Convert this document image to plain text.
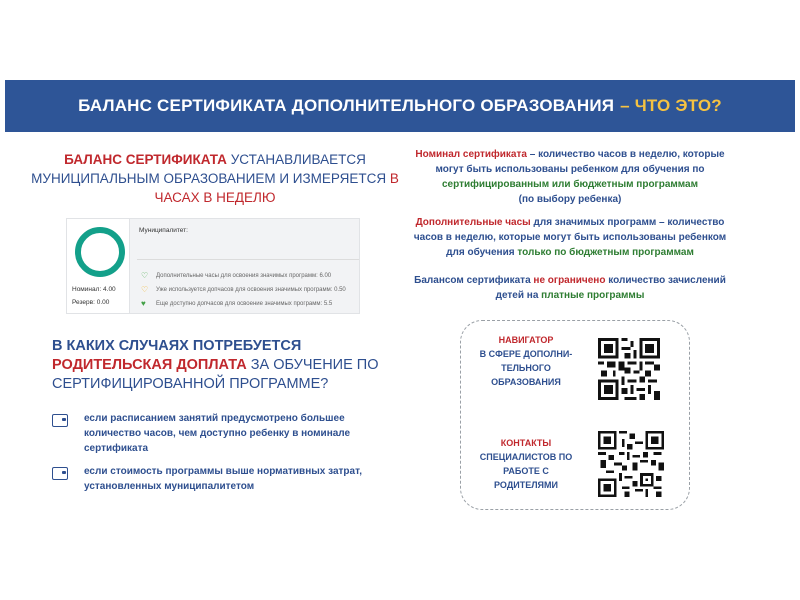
БАЛАНС СЕРТИФИКАТА ДОПОЛНИТЕЛЬНОГО ОБРАЗОВАНИЯ – ЧТО ЭТО?
БАЛАНС СЕРТИФИКАТА УСТАНАВЛИВАЕТСЯ МУНИЦИПАЛЬНЫМ ОБРАЗОВАНИЕМ И ИЗМЕРЯЕТСЯ В ЧАСАХ В НЕДЕЛЮ
Номинал: 4.00
Резерв: 0.00
Муниципалитет:
♡ Дополнительные часы для освоения значимых программ: 6.00
♡ Уже используется допчасов для освоения значимых программ: 0.50
♥	Еще доступно допчасов для освоение значимых программ: 5.5
В КАКИХ СЛУЧАЯХ ПОТРЕБУЕТСЯ РОДИТЕЛЬСКАЯ ДОПЛАТА ЗА ОБУЧЕНИЕ ПО СЕРТИФИЦИРОВАННОЙ ПРОГРАММЕ?
если расписанием занятий предусмотрено большее количество часов, чем доступно ребенку в номинале сертификата
если стоимость программы выше нормативных затрат, установленных муниципалитетом
Номинал сертификата – количество часов в неделю, которые могут быть использованы ребенком для обучения по сертифицированным или бюджетным программам
(по выбору ребенка)
Дополнительные часы для значимых программ – количество часов в неделю, которые могут быть использованы ребенком для обучения только по бюджетным программам
Балансом сертификата не ограничено количество зачислений детей на платные программы
НАВИГАТОР
В СФЕРЕ ДОПОЛНИ- ТЕЛЬНОГО ОБРАЗОВАНИЯ
КОНТАКТЫ
СПЕЦИАЛИСТОВ ПО РАБОТЕ С РОДИТЕЛЯМИ
